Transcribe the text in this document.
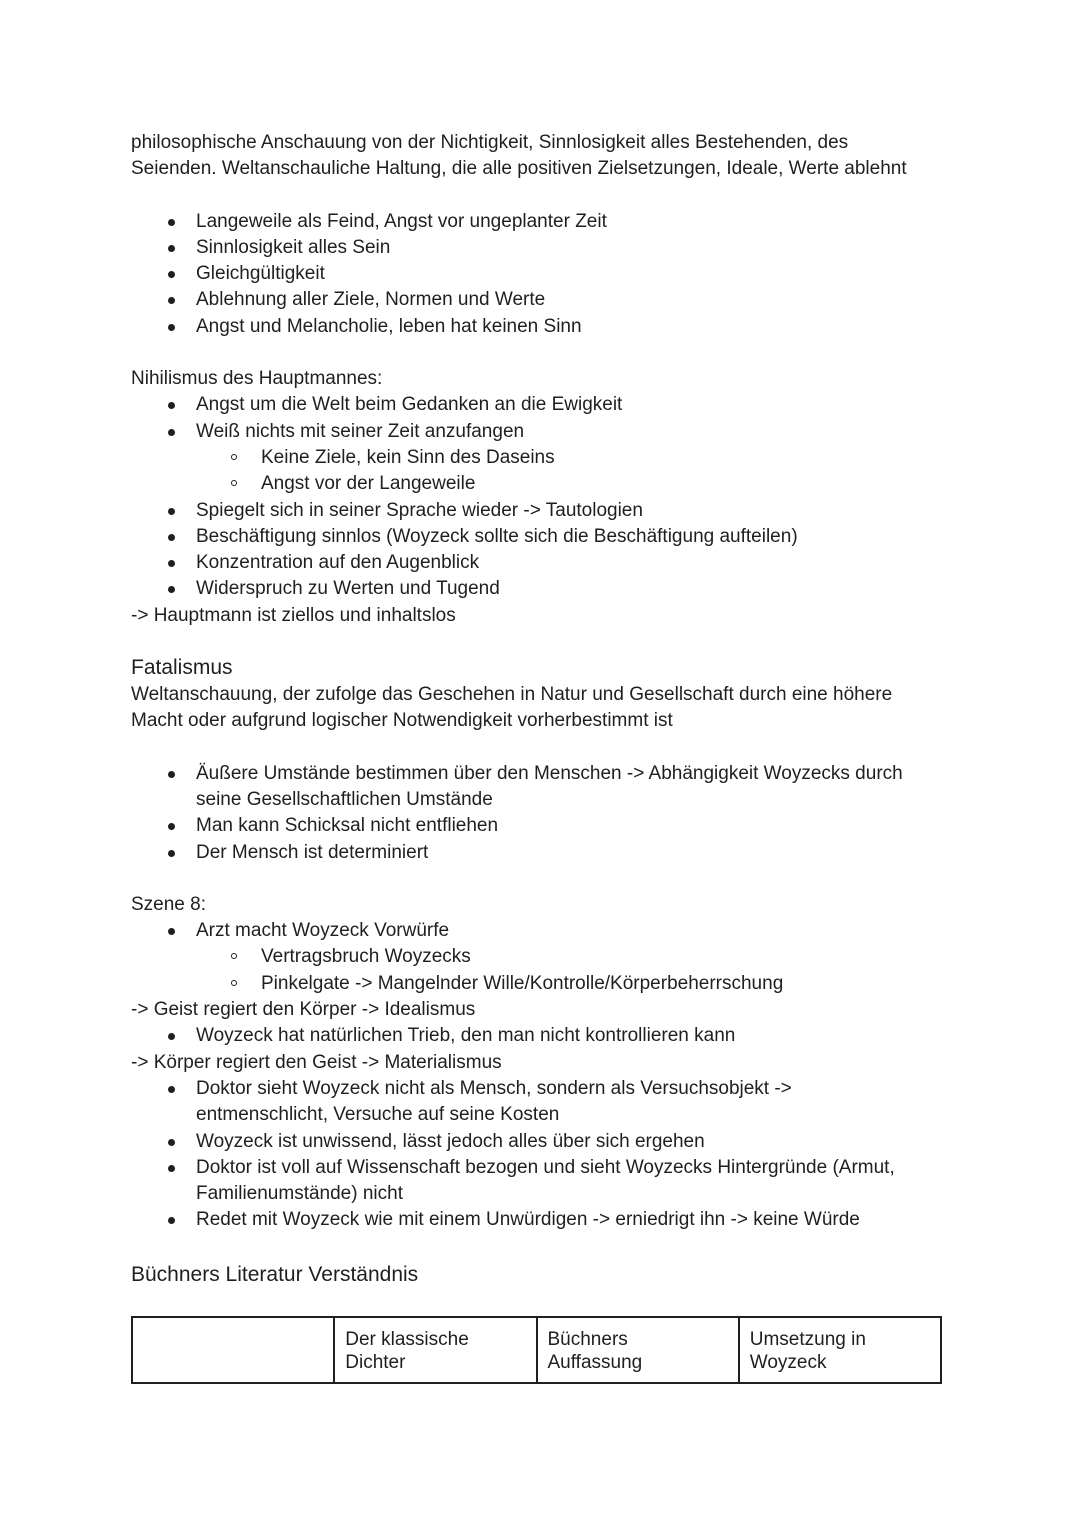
philosophische Anschauung von der Nichtigkeit, Sinnlosigkeit alles Bestehenden, des

Seienden. Weltanschauliche Haltung, die alle positiven Zielsetzungen, Ideale, Werte ablehnt

Langeweile als Feind, Angst vor ungeplanter Zeit
Sinnlosigkeit alles Sein
Gleichgültigkeit
Ablehnung aller Ziele, Normen und Werte
Angst und Melancholie, leben hat keinen Sinn

Nihilismus des Hauptmannes:

Angst um die Welt beim Gedanken an die Ewigkeit
Weiß nichts mit seiner Zeit anzufangen
Keine Ziele, kein Sinn des Daseins
Angst vor der Langeweile
Spiegelt sich in seiner Sprache wieder -> Tautologien
Beschäftigung sinnlos (Woyzeck sollte sich die Beschäftigung aufteilen)
Konzentration auf den Augenblick
Widerspruch zu Werten und Tugend

-> Hauptmann ist ziellos und inhaltslos

Fatalismus

Weltanschauung, der zufolge das Geschehen in Natur und Gesellschaft durch eine höhere

Macht oder aufgrund logischer Notwendigkeit vorherbestimmt ist

Äußere Umstände bestimmen über den Menschen -> Abhängigkeit Woyzecks durch
seine Gesellschaftlichen Umstände
Man kann Schicksal nicht entfliehen
Der Mensch ist determiniert

Szene 8:

Arzt macht Woyzeck Vorwürfe
Vertragsbruch Woyzecks
Pinkelgate -> Mangelnder Wille/Kontrolle/Körperbeherrschung

-> Geist regiert den Körper -> Idealismus

Woyzeck hat natürlichen Trieb, den man nicht kontrollieren kann

-> Körper regiert den Geist -> Materialismus

Doktor sieht Woyzeck nicht als Mensch, sondern als Versuchsobjekt ->
entmenschlicht, Versuche auf seine Kosten
Woyzeck ist unwissend, lässt jedoch alles über sich ergehen
Doktor ist voll auf Wissenschaft bezogen und sieht Woyzecks Hintergründe (Armut,
Familienumstände) nicht
Redet mit Woyzeck wie mit einem Unwürdigen -> erniedrigt ihn -> keine Würde

Büchners Literatur Verständnis

	Der klassische
Dichter	Büchners
Auffassung	Umsetzung in
Woyzeck
